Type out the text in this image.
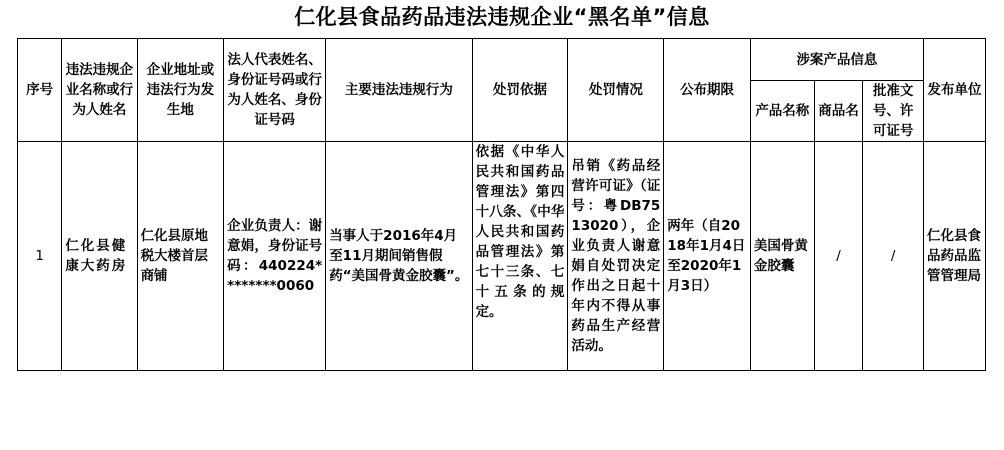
仁化县食品药品违法违规企业“黑名单”信息
序号	违法违规企业名称或行为人姓名	企业地址或违法行为发生地	法人代表姓名、身份证号码或行为人姓名、身份证号码	主要违法违规行为	处罚依据	处罚情况	公布期限	涉案产品信息			发布单位
								产品名称	商品名	批准文号、许可证号	
1	仁化县健康大药房	仁化县原地税大楼首层商铺	企业负责人：谢意娟，身份证号码：440224********0060	当事人于2016年4月至11月期间销售假药“美国骨黄金胶囊”。	依据《中华人民共和国药品管理法》第四十八条、《中华人民共和国药品管理法》第七十三条、七十五条的规定。	吊销《药品经营许可证》（证号：粤DB7513020），企业负责人谢意娟自处罚决定作出之日起十年内不得从事药品生产经营活动。	两年（自2018年1月4日至2020年1月3日）	美国骨黄金胶囊	/	/	仁化县食品药品监管管理局
